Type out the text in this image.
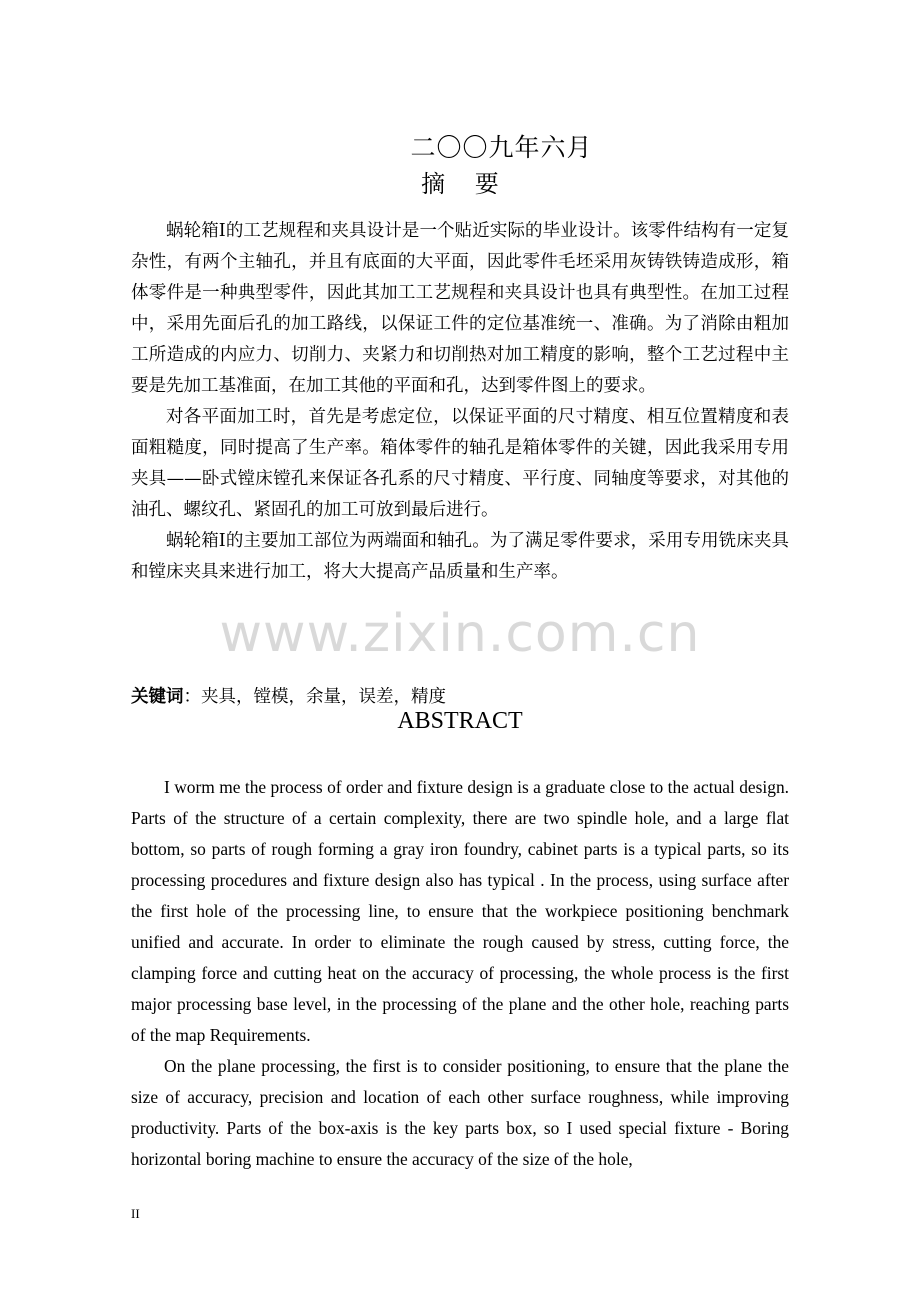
二〇〇九年六月
摘 要

蜗轮箱Ⅰ的工艺规程和夹具设计是一个贴近实际的毕业设计。该零件结构有一定复杂性，有两个主轴孔，并且有底面的大平面，因此零件毛坯采用灰铸铁铸造成形，箱体零件是一种典型零件，因此其加工工艺规程和夹具设计也具有典型性。在加工过程中，采用先面后孔的加工路线，以保证工件的定位基准统一、准确。为了消除由粗加工所造成的内应力、切削力、夹紧力和切削热对加工精度的影响，整个工艺过程中主要是先加工基准面，在加工其他的平面和孔，达到零件图上的要求。

对各平面加工时，首先是考虑定位，以保证平面的尺寸精度、相互位置精度和表面粗糙度，同时提高了生产率。箱体零件的轴孔是箱体零件的关键，因此我采用专用夹具——卧式镗床镗孔来保证各孔系的尺寸精度、平行度、同轴度等要求，对其他的油孔、螺纹孔、紧固孔的加工可放到最后进行。

蜗轮箱Ⅰ的主要加工部位为两端面和轴孔。为了满足零件要求，采用专用铣床夹具和镗床夹具来进行加工，将大大提高产品质量和生产率。

www.zixin.com.cn
关键词：夹具，镗模，余量，误差，精度
ABSTRACT

I worm me the process of order and fixture design is a graduate close to the actual design. Parts of the structure of a certain complexity, there are two spindle hole, and a large flat bottom, so parts of rough forming a gray iron foundry, cabinet parts is a typical parts, so its processing procedures and fixture design also has typical . In the process, using surface after the first hole of the processing line, to ensure that the workpiece positioning benchmark unified and accurate. In order to eliminate the rough caused by stress, cutting force, the clamping force and cutting heat on the accuracy of processing, the whole process is the first major processing base level, in the processing of the plane and the other hole, reaching parts of the map Requirements.

On the plane processing, the first is to consider positioning, to ensure that the plane the size of accuracy, precision and location of each other surface roughness, while improving productivity. Parts of the box-axis is the key parts box, so I used special fixture - Boring horizontal boring machine to ensure the accuracy of the size of the hole,

II
